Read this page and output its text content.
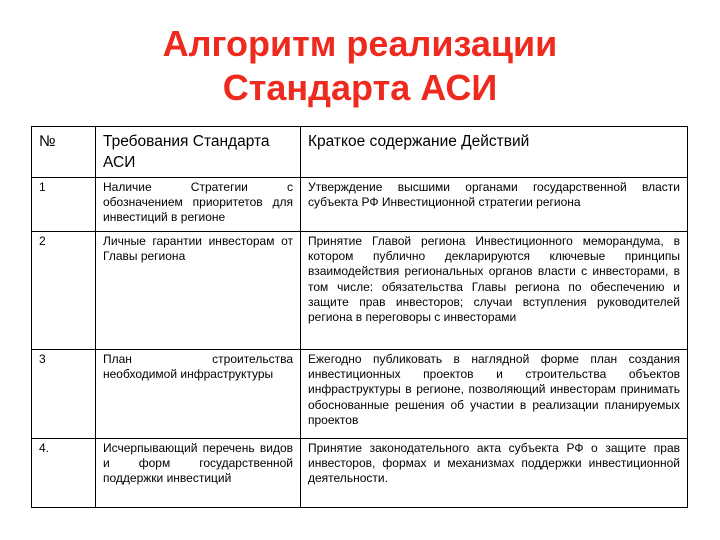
Алгоритм реализации
Стандарта АСИ
№	Требования Стандарта АСИ	Краткое содержание Действий
1	Наличие Стратегии с обозначением приоритетов для инвестиций в регионе	Утверждение высшими органами государственной власти субъекта РФ Инвестиционной стратегии региона
2	Личные гарантии инвесторам от Главы региона	Принятие Главой региона Инвестиционного меморандума, в котором публично декларируются ключевые принципы взаимодействия региональных органов власти с инвесторами, в том числе: обязательства Главы региона по обеспечению и защите прав инвесторов; случаи вступления руководителей региона в переговоры с инвесторами
3	План строительства необходимой инфраструктуры	Ежегодно публиковать в наглядной форме план создания инвестиционных проектов и строительства объектов инфраструктуры в регионе, позволяющий инвесторам принимать обоснованные решения об участии в реализации планируемых проектов
4.	Исчерпывающий перечень видов и форм государственной поддержки инвестиций	Принятие законодательного акта субъекта РФ о защите прав инвесторов, формах и механизмах поддержки инвестиционной деятельности.
